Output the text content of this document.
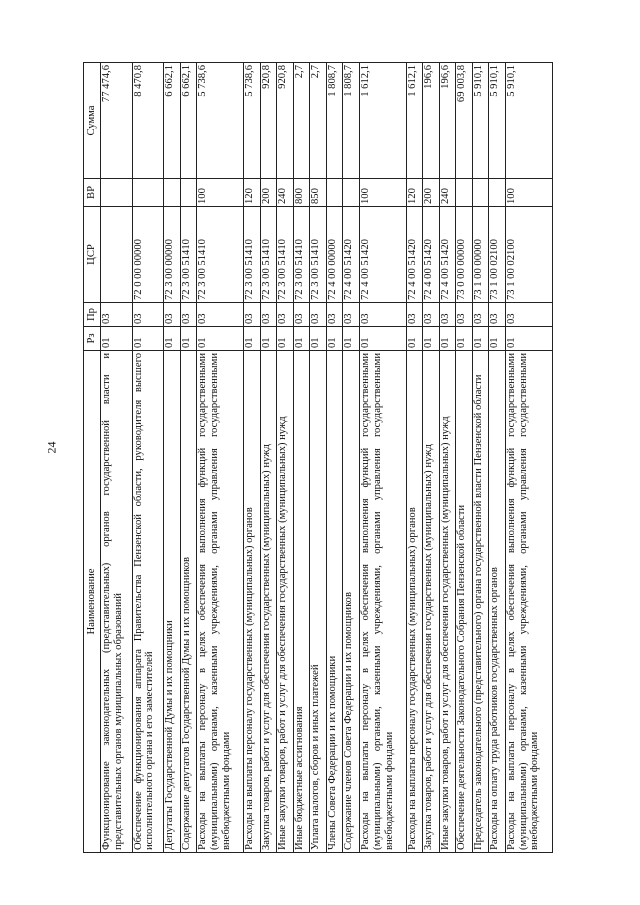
24
Наименование	Рз	Пр	ЦСР	ВР	Сумма
Функционирование законодательных (представительных) органов государственной власти и представительных органов муниципальных образований	01	03			77 474,6
Обеспечение функционирования аппарата Правительства Пензенской области, руководителя высшего исполнительного органа и его заместителей	01	03	72 0 00 00000		8 470,8
Депутаты Государственной Думы и их помощники	01	03	72 3 00 00000		6 662,1
Содержание депутатов Государственной Думы и их помощников	01	03	72 3 00 51410		6 662,1
Расходы на выплаты персоналу в целях обеспечения выполнения функций государственными (муниципальными) органами, казенными учреждениями, органами управления государственными внебюджетными фондами	01	03	72 3 00 51410	100	5 738,6
Расходы на выплаты персоналу государственных (муниципальных) органов	01	03	72 3 00 51410	120	5 738,6
Закупка товаров, работ и услуг для обеспечения государственных (муниципальных) нужд	01	03	72 3 00 51410	200	920,8
Иные закупки товаров, работ и услуг для обеспечения государственных (муниципальных) нужд	01	03	72 3 00 51410	240	920,8
Иные бюджетные ассигнования	01	03	72 3 00 51410	800	2,7
Уплата налогов, сборов и иных платежей	01	03	72 3 00 51410	850	2,7
Члены Совета Федерации и их помощники	01	03	72 4 00 00000		1 808,7
Содержание членов Совета Федерации и их помощников	01	03	72 4 00 51420		1 808,7
Расходы на выплаты персоналу в целях обеспечения выполнения функций государственными (муниципальными) органами, казенными учреждениями, органами управления государственными внебюджетными фондами	01	03	72 4 00 51420	100	1 612,1
Расходы на выплаты персоналу государственных (муниципальных) органов	01	03	72 4 00 51420	120	1 612,1
Закупка товаров, работ и услуг для обеспечения государственных (муниципальных) нужд	01	03	72 4 00 51420	200	196,6
Иные закупки товаров, работ и услуг для обеспечения государственных (муниципальных) нужд	01	03	72 4 00 51420	240	196,6
Обеспечение деятельности Законодательного Собрания Пензенской области	01	03	73 0 00 00000		69 003,8
Председатель законодательного (представительного) органа государственной власти Пензенской области	01	03	73 1 00 00000		5 910,1
Расходы на оплату труда работников государственных органов	01	03	73 1 00 02100		5 910,1
Расходы на выплаты персоналу в целях обеспечения выполнения функций государственными (муниципальными) органами, казенными учреждениями, органами управления государственными внебюджетными фондами	01	03	73 1 00 02100	100	5 910,1
